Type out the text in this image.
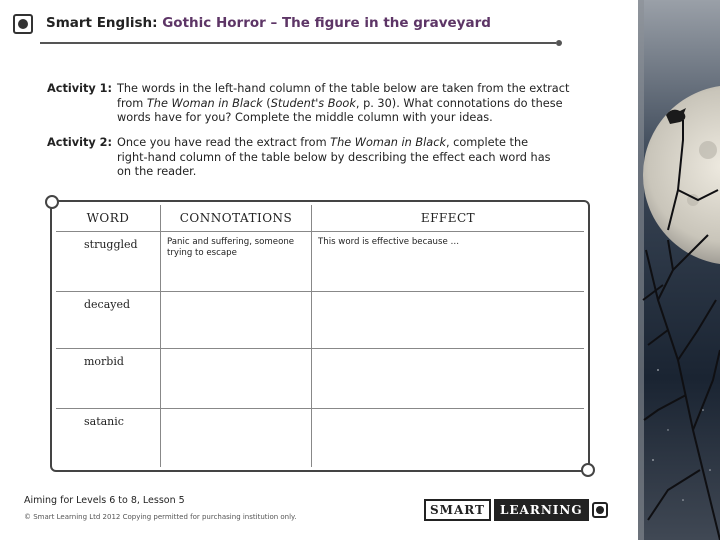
Smart English: Gothic Horror – The figure in the graveyard
Activity 1: The words in the left-hand column of the table below are taken from the extract
from The Woman in Black (Student's Book, p. 30). What connotations do these
words have for you? Complete the middle column with your ideas.
Activity 2: Once you have read the extract from The Woman in Black, complete the
right-hand column of the table below by describing the effect each word has
on the reader.
WORD	CONNOTATIONS	EFFECT

struggled	Panic and suffering, someone trying to escape	This word is effective because …

decayed		

morbid		

satanic		

Aiming for Levels 6 to 8, Lesson 5
© Smart Learning Ltd 2012 Copying permitted for purchasing institution only.	SMART	LEARNING
